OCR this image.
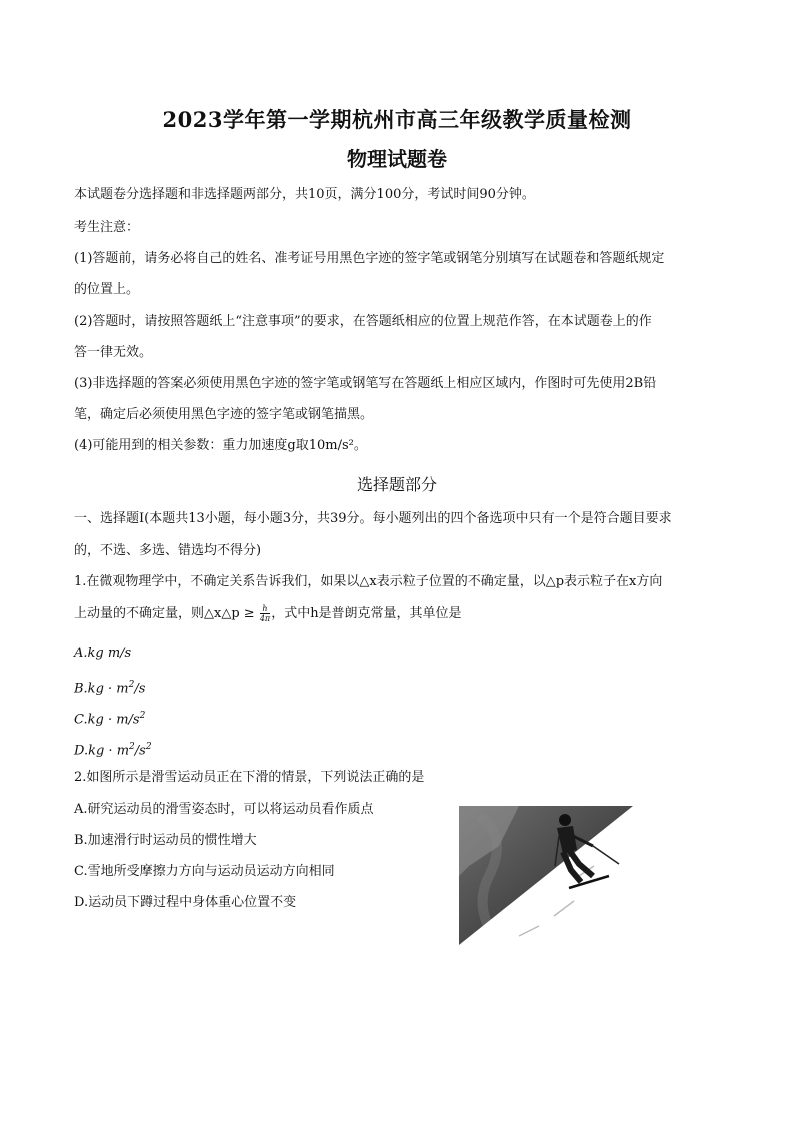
2023学年第一学期杭州市高三年级教学质量检测
物理试题卷
本试题卷分选择题和非选择题两部分，共10页，满分100分，考试时间90分钟。
考生注意：
(1)答题前，请务必将自己的姓名、准考证号用黑色字迹的签字笔或钢笔分别填写在试题卷和答题纸规定
的位置上。
(2)答题时，请按照答题纸上“注意事项”的要求，在答题纸相应的位置上规范作答，在本试题卷上的作
答一律无效。
(3)非选择题的答案必须使用黑色字迹的签字笔或钢笔写在答题纸上相应区域内，作图时可先使用2B铅
笔，确定后必须使用黑色字迹的签字笔或钢笔描黑。
(4)可能用到的相关参数：重力加速度g取10m/s²。
选择题部分
一、选择题I(本题共13小题，每小题3分，共39分。每小题列出的四个备选项中只有一个是符合题目要求
的，不选、多选、错选均不得分)
1.在微观物理学中，不确定关系告诉我们，如果以△x表示粒子位置的不确定量，以△p表示粒子在x方向
上动量的不确定量，则△x△p ≥ $\frac{h}{4\pi}$ ，式中h是普朗克常量，其单位是
A.kg m/s
$B.kg \cdot m^2/s$
$C.kg \cdot m/s^2$
$D.kg \cdot m^2/s^2$
2.如图所示是滑雪运动员正在下滑的情景，下列说法正确的是
A.研究运动员的滑雪姿态时，可以将运动员看作质点
B.加速滑行时运动员的惯性增大
C.雪地所受摩擦力方向与运动员运动方向相同
D.运动员下蹲过程中身体重心位置不变
